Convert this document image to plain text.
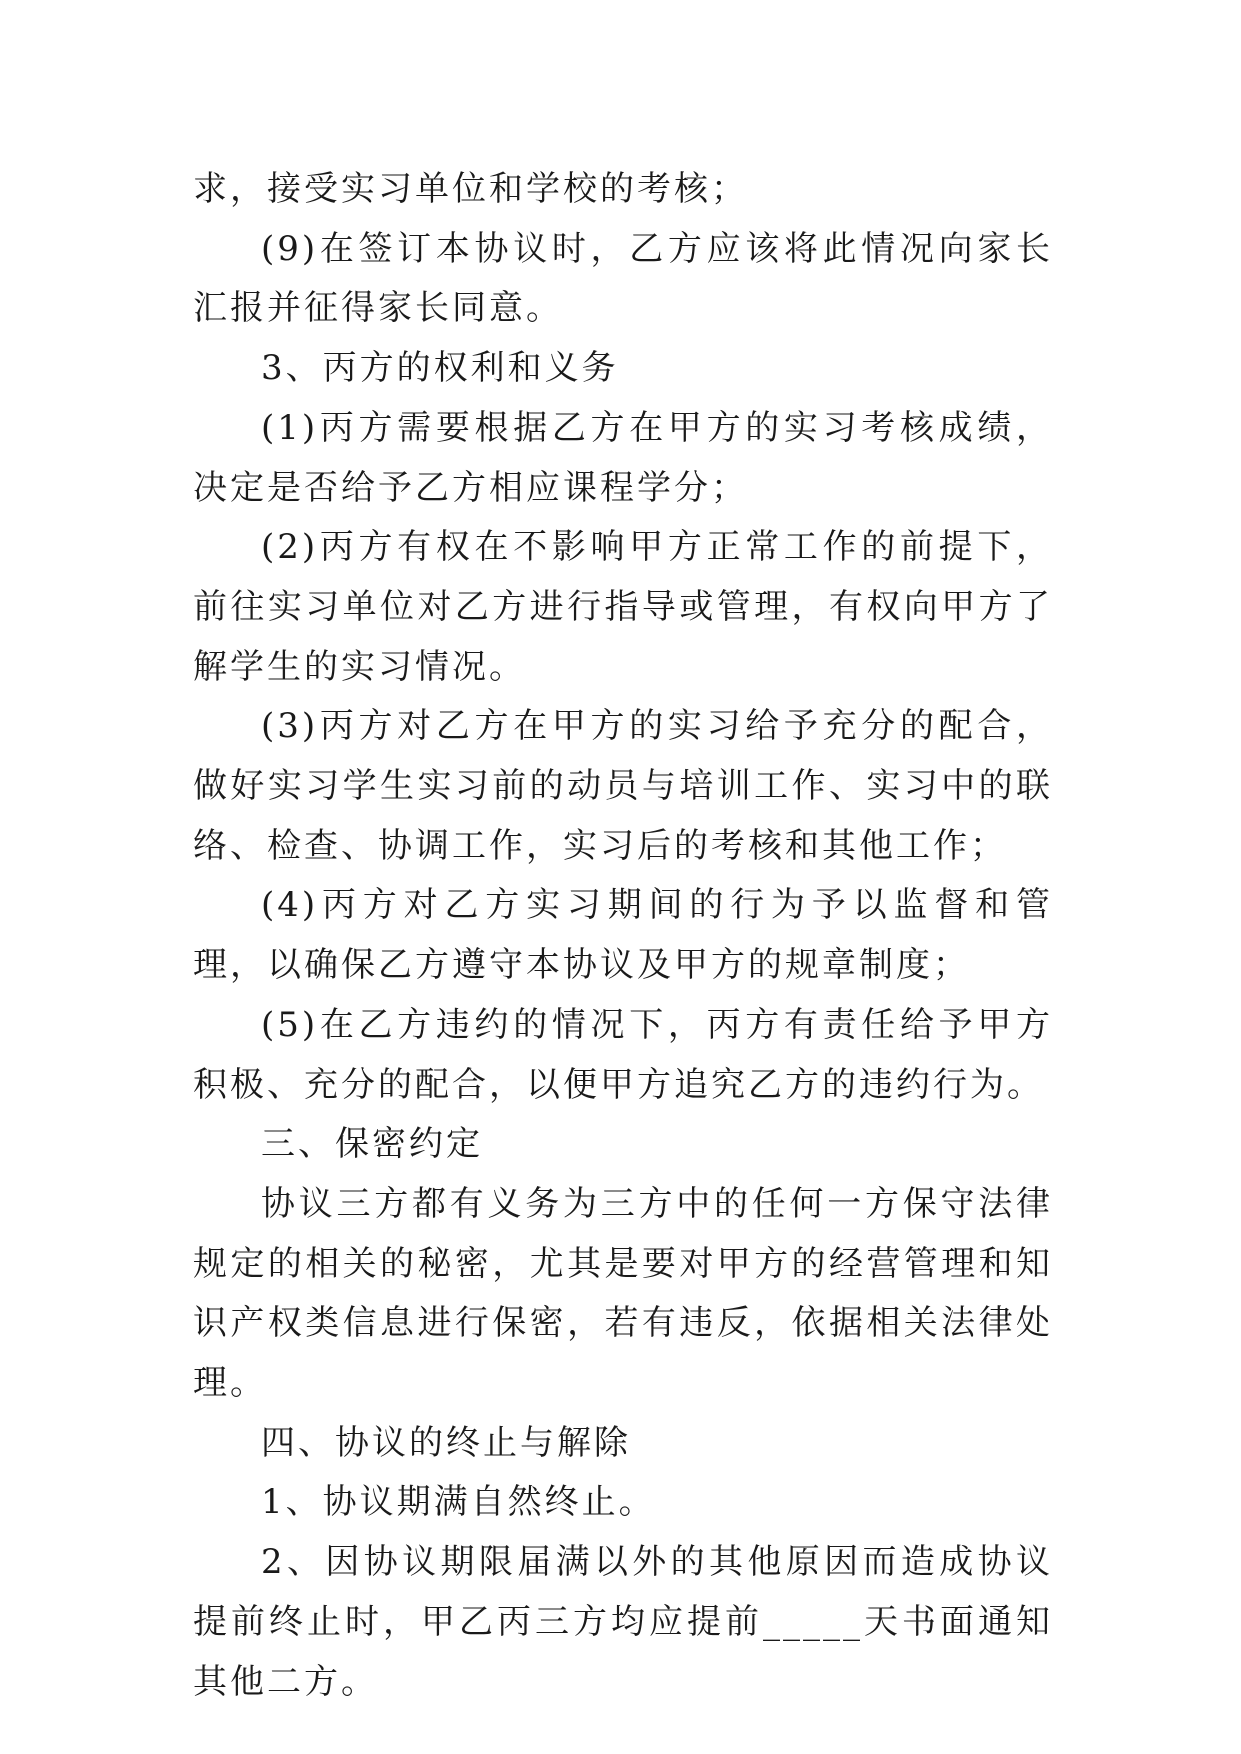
求，接受实习单位和学校的考核；

(9)在签订本协议时，乙方应该将此情况向家长汇报并征得家长同意。

3、丙方的权利和义务

(1)丙方需要根据乙方在甲方的实习考核成绩，决定是否给予乙方相应课程学分；

(2)丙方有权在不影响甲方正常工作的前提下，前往实习单位对乙方进行指导或管理，有权向甲方了解学生的实习情况。

(3)丙方对乙方在甲方的实习给予充分的配合，做好实习学生实习前的动员与培训工作、实习中的联络、检查、协调工作，实习后的考核和其他工作；

(4)丙方对乙方实习期间的行为予以监督和管理，以确保乙方遵守本协议及甲方的规章制度；

(5)在乙方违约的情况下，丙方有责任给予甲方积极、充分的配合，以便甲方追究乙方的违约行为。

三、保密约定

协议三方都有义务为三方中的任何一方保守法律规定的相关的秘密，尤其是要对甲方的经营管理和知识产权类信息进行保密，若有违反，依据相关法律处理。

四、协议的终止与解除

1、协议期满自然终止。

2、因协议期限届满以外的其他原因而造成协议提前终止时，甲乙丙三方均应提前_____天书面通知其他二方。
